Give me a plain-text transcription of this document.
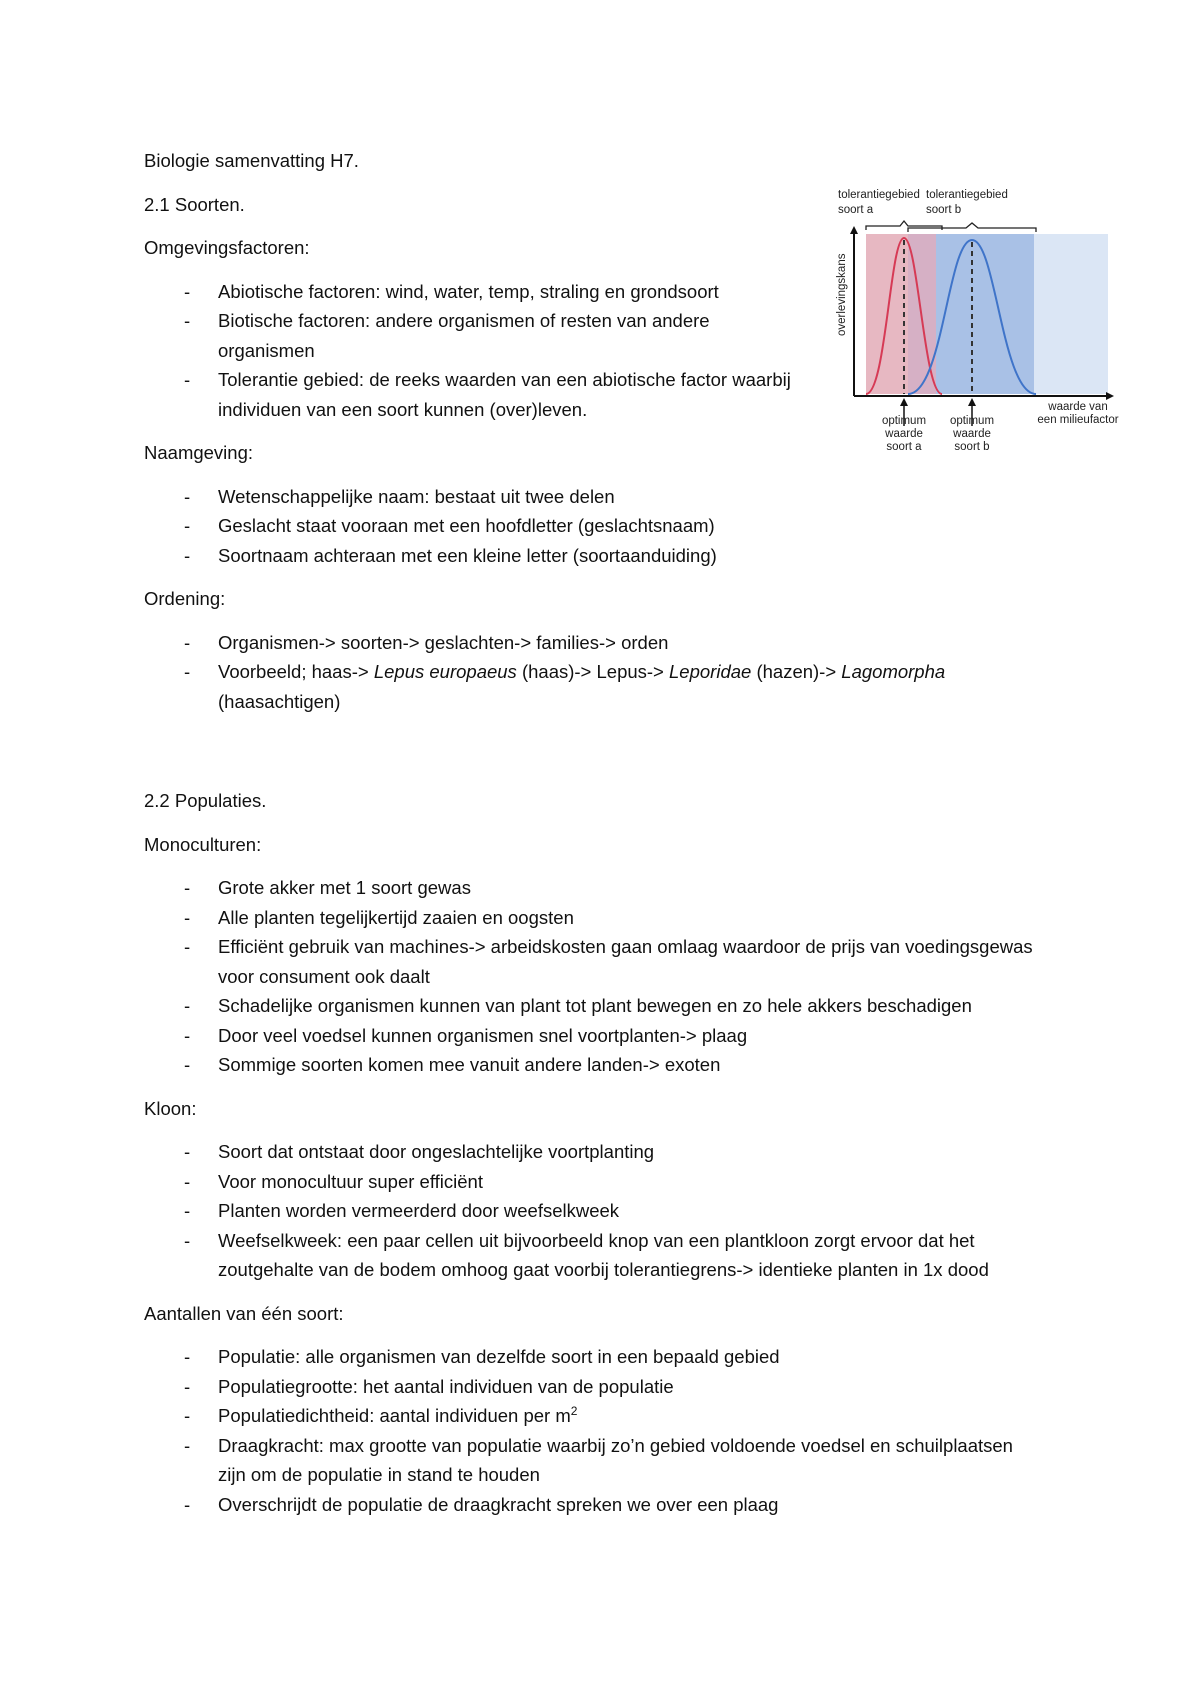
Biologie samenvatting H7.

2.1 Soorten.

Omgevingsfactoren:

- Abiotische factoren: wind, water, temp, straling en grondsoort
- Biotische factoren: andere organismen of resten van andere organismen
- Tolerantie gebied: de reeks waarden van een abiotische factor waarbij individuen van een soort kunnen (over)leven.

Naamgeving:

- Wetenschappelijke naam: bestaat uit twee delen
- Geslacht staat vooraan met een hoofdletter (geslachtsnaam)
- Soortnaam achteraan met een kleine letter (soortaanduiding)

Ordening:

- Organismen-> soorten-> geslachten-> families-> orden
- Voorbeeld; haas-> Lepus europaeus (haas)-> Lepus-> Leporidae (hazen)-> Lagomorpha (haasachtigen)
tolerantiegebied
soort a
tolerantiegebied
soort b
overlevingskans
optimum
waarde
soort a
optimum
waarde
soort b
waarde van
een milieufactor

2.2 Populaties.

Monoculturen:

- Grote akker met 1 soort gewas
- Alle planten tegelijkertijd zaaien en oogsten
- Efficiënt gebruik van machines-> arbeidskosten gaan omlaag waardoor de prijs van voedingsgewas voor consument ook daalt
- Schadelijke organismen kunnen van plant tot plant bewegen en zo hele akkers beschadigen
- Door veel voedsel kunnen organismen snel voortplanten-> plaag
- Sommige soorten komen mee vanuit andere landen-> exoten

Kloon:

- Soort dat ontstaat door ongeslachtelijke voortplanting
- Voor monocultuur super efficiënt
- Planten worden vermeerderd door weefselkweek
- Weefselkweek: een paar cellen uit bijvoorbeeld knop van een plantkloon zorgt ervoor dat het zoutgehalte van de bodem omhoog gaat voorbij tolerantiegrens-> identieke planten in 1x dood

Aantallen van één soort:

- Populatie: alle organismen van dezelfde soort in een bepaald gebied
- Populatiegrootte: het aantal individuen van de populatie
- Populatiedichtheid: aantal individuen per $m^2$
- Draagkracht: max grootte van populatie waarbij zo’n gebied voldoende voedsel en schuilplaatsen zijn om de populatie in stand te houden
- Overschrijdt de populatie de draagkracht spreken we over een plaag
